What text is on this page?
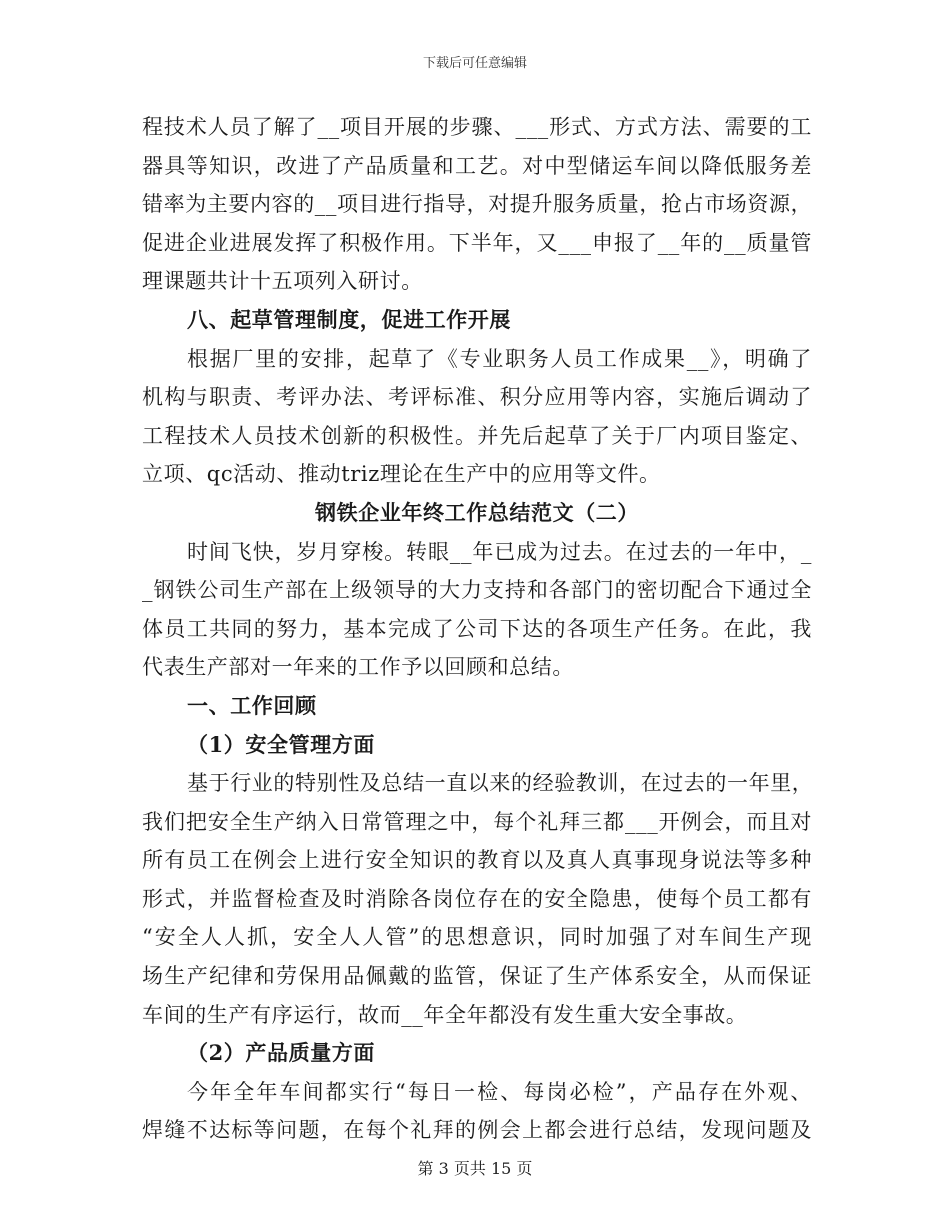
下载后可任意编辑
程技术人员了解了__项目开展的步骤、___形式、方式方法、需要的工
器具等知识，改进了产品质量和工艺。对中型储运车间以降低服务差
错率为主要内容的__项目进行指导，对提升服务质量，抢占市场资源，
促进企业进展发挥了积极作用。下半年，又___申报了__年的__质量管
理课题共计十五项列入研讨。
八、起草管理制度，促进工作开展
根据厂里的安排，起草了《专业职务人员工作成果__》，明确了
机构与职责、考评办法、考评标准、积分应用等内容，实施后调动了
工程技术人员技术创新的积极性。并先后起草了关于厂内项目鉴定、
立项、qc活动、推动triz理论在生产中的应用等文件。
钢铁企业年终工作总结范文（二）
时间飞快，岁月穿梭。转眼__年已成为过去。在过去的一年中，_
_钢铁公司生产部在上级领导的大力支持和各部门的密切配合下通过全
体员工共同的努力，基本完成了公司下达的各项生产任务。在此，我
代表生产部对一年来的工作予以回顾和总结。
一、工作回顾
（1）安全管理方面
基于行业的特别性及总结一直以来的经验教训，在过去的一年里，
我们把安全生产纳入日常管理之中，每个礼拜三都___开例会，而且对
所有员工在例会上进行安全知识的教育以及真人真事现身说法等多种
形式，并监督检查及时消除各岗位存在的安全隐患，使每个员工都有
“安全人人抓，安全人人管”的思想意识，同时加强了对车间生产现
场生产纪律和劳保用品佩戴的监管，保证了生产体系安全，从而保证
车间的生产有序运行，故而__年全年都没有发生重大安全事故。
（2）产品质量方面
今年全年车间都实行“每日一检、每岗必检”，产品存在外观、
焊缝不达标等问题，在每个礼拜的例会上都会进行总结，发现问题及
第 3 页共 15 页
